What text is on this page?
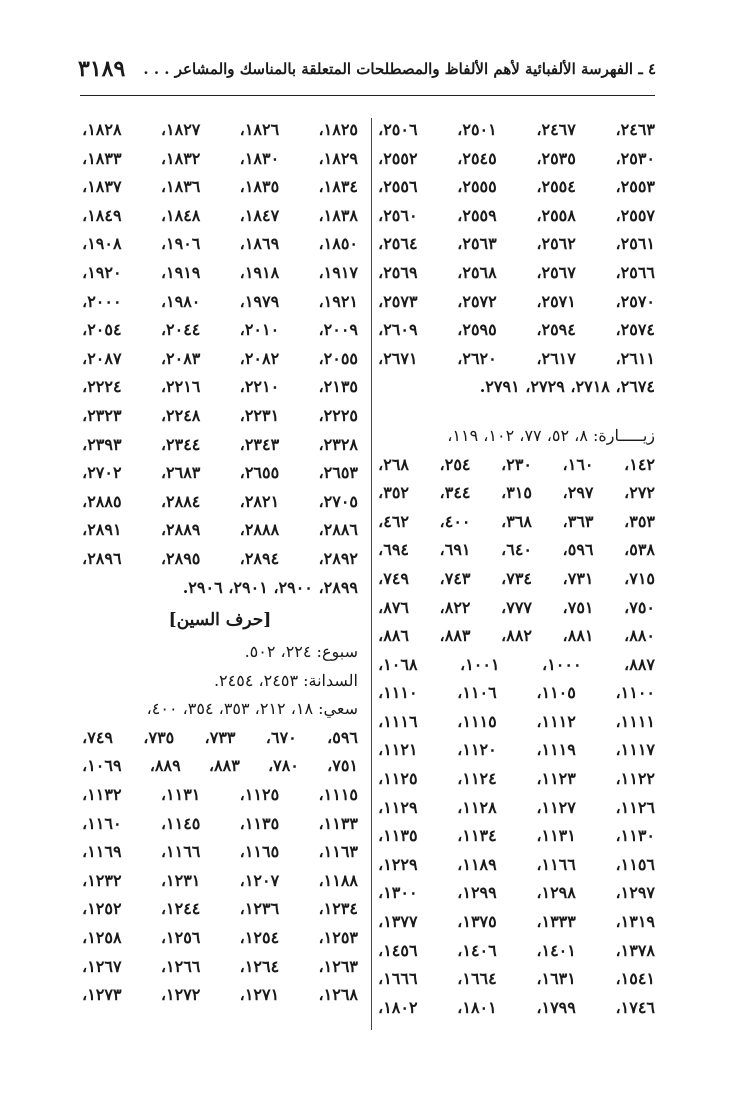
٤ ـ الفهرسة الألفبائية لأهم الألفاظ والمصطلحات المتعلقة بالمناسك والمشاعر . . .
٣١٨٩
٢٤٦٣،
٢٤٦٧،
٢٥٠١،
٢٥٠٦،
٢٥٣٠،
٢٥٣٥،
٢٥٤٥،
٢٥٥٢،
٢٥٥٣،
٢٥٥٤،
٢٥٥٥،
٢٥٥٦،
٢٥٥٧،
٢٥٥٨،
٢٥٥٩،
٢٥٦٠،
٢٥٦١،
٢٥٦٢،
٢٥٦٣،
٢٥٦٤،
٢٥٦٦،
٢٥٦٧،
٢٥٦٨،
٢٥٦٩،
٢٥٧٠،
٢٥٧١،
٢٥٧٢،
٢٥٧٣،
٢٥٧٤،
٢٥٩٤،
٢٥٩٥،
٢٦٠٩،
٢٦١١،
٢٦١٧،
٢٦٢٠،
٢٦٧١،
٢٦٧٤، ٢٧١٨، ٢٧٢٩، ٢٧٩١.
زيـــــارة: ٨، ٥٢، ٧٧، ١٠٢، ١١٩،
١٤٢،
١٦٠،
٢٣٠،
٢٥٤،
٢٦٨،
٢٧٢،
٢٩٧،
٣١٥،
٣٤٤،
٣٥٢،
٣٥٣،
٣٦٣،
٣٦٨،
٤٠٠،
٤٦٢،
٥٣٨،
٥٩٦،
٦٤٠،
٦٩١،
٦٩٤،
٧١٥،
٧٣١،
٧٣٤،
٧٤٣،
٧٤٩،
٧٥٠،
٧٥١،
٧٧٧،
٨٢٢،
٨٧٦،
٨٨٠،
٨٨١،
٨٨٢،
٨٨٣،
٨٨٦،
٨٨٧،
١٠٠٠،
١٠٠١،
١٠٦٨،
١١٠٠،
١١٠٥،
١١٠٦،
١١١٠،
١١١١،
١١١٢،
١١١٥،
١١١٦،
١١١٧،
١١١٩،
١١٢٠،
١١٢١،
١١٢٢،
١١٢٣،
١١٢٤،
١١٢٥،
١١٢٦،
١١٢٧،
١١٢٨،
١١٢٩،
١١٣٠،
١١٣١،
١١٣٤،
١١٣٥،
١١٥٦،
١١٦٦،
١١٨٩،
١٢٢٩،
١٢٩٧،
١٢٩٨،
١٢٩٩،
١٣٠٠،
١٣١٩،
١٣٣٣،
١٣٧٥،
١٣٧٧،
١٣٧٨،
١٤٠١،
١٤٠٦،
١٤٥٦،
١٥٤١،
١٦٣١،
١٦٦٤،
١٦٦٦،
١٧٤٦،
١٧٩٩،
١٨٠١،
١٨٠٢،
١٨٢٥،
١٨٢٦،
١٨٢٧،
١٨٢٨،
١٨٢٩،
١٨٣٠،
١٨٣٢،
١٨٣٣،
١٨٣٤،
١٨٣٥،
١٨٣٦،
١٨٣٧،
١٨٣٨،
١٨٤٧،
١٨٤٨،
١٨٤٩،
١٨٥٠،
١٨٦٩،
١٩٠٦،
١٩٠٨،
١٩١٧،
١٩١٨،
١٩١٩،
١٩٢٠،
١٩٢١،
١٩٧٩،
١٩٨٠،
٢٠٠٠،
٢٠٠٩،
٢٠١٠،
٢٠٤٤،
٢٠٥٤،
٢٠٥٥،
٢٠٨٢،
٢٠٨٣،
٢٠٨٧،
٢١٣٥،
٢٢١٠،
٢٢١٦،
٢٢٢٤،
٢٢٢٥،
٢٢٣١،
٢٢٤٨،
٢٣٢٣،
٢٣٢٨،
٢٣٤٣،
٢٣٤٤،
٢٣٩٣،
٢٦٥٣،
٢٦٥٥،
٢٦٨٣،
٢٧٠٢،
٢٧٠٥،
٢٨٢١،
٢٨٨٤،
٢٨٨٥،
٢٨٨٦،
٢٨٨٨،
٢٨٨٩،
٢٨٩١،
٢٨٩٢،
٢٨٩٤،
٢٨٩٥،
٢٨٩٦،
٢٨٩٩، ٢٩٠٠، ٢٩٠١، ٢٩٠٦.
[حرف السين]
سبوع: ٢٢٤، ٥٠٢.
السدانة: ٢٤٥٣، ٢٤٥٤.
سعي: ١٨، ٢١٢، ٣٥٣، ٣٥٤، ٤٠٠،
٥٩٦،
٦٧٠،
٧٣٣،
٧٣٥،
٧٤٩،
٧٥١،
٧٨٠،
٨٨٣،
٨٨٩،
١٠٦٩،
١١١٥،
١١٢٥،
١١٣١،
١١٣٢،
١١٣٣،
١١٣٥،
١١٤٥،
١١٦٠،
١١٦٣،
١١٦٥،
١١٦٦،
١١٦٩،
١١٨٨،
١٢٠٧،
١٢٣١،
١٢٣٢،
١٢٣٤،
١٢٣٦،
١٢٤٤،
١٢٥٢،
١٢٥٣،
١٢٥٤،
١٢٥٦،
١٢٥٨،
١٢٦٣،
١٢٦٤،
١٢٦٦،
١٢٦٧،
١٢٦٨،
١٢٧١،
١٢٧٢،
١٢٧٣،
